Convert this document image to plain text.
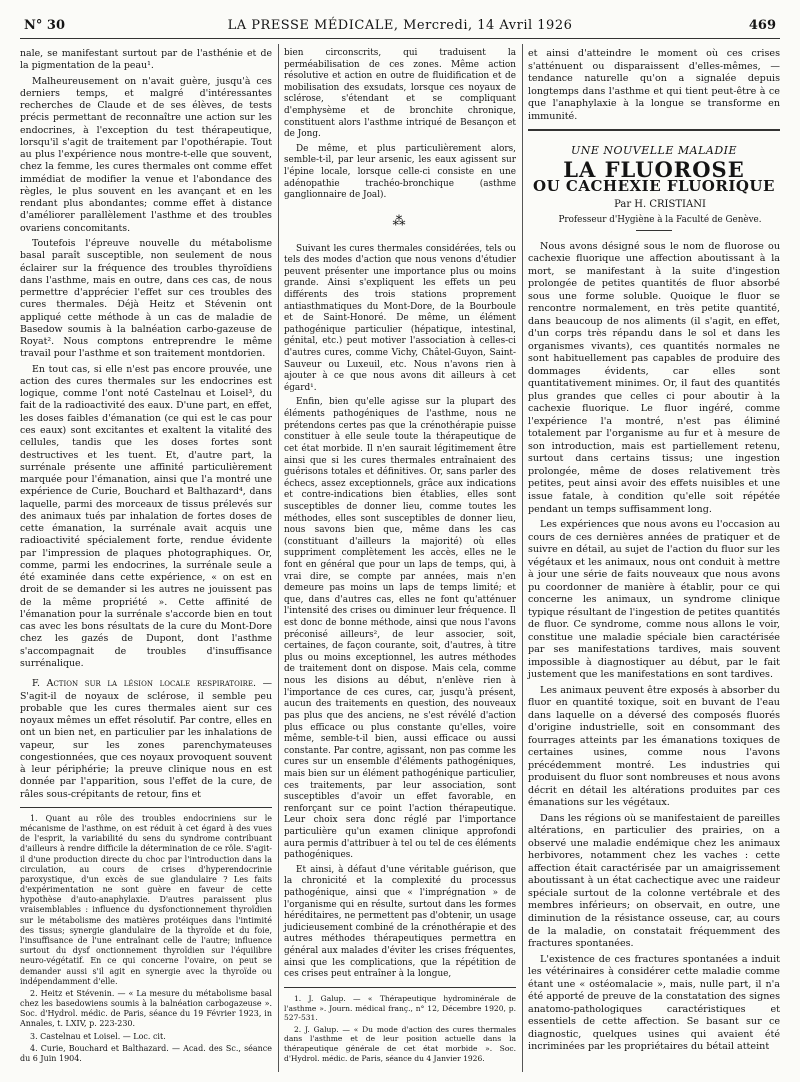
N° 30	LA PRESSE MÉDICALE, Mercredi, 14 Avril 1926	469

nale, se manifestant surtout par de l'asthénie et de la pigmentation de la peau¹.

Malheureusement on n'avait guère, jusqu'à ces derniers temps, et malgré d'intéressantes recherches de Claude et de ses élèves, de tests précis permettant de reconnaître une action sur les endocrines, à l'exception du test thérapeutique, lorsqu'il s'agit de traitement par l'opothérapie. Tout au plus l'expérience nous montre-t-elle que souvent, chez la femme, les cures thermales ont comme effet immédiat de modifier la venue et l'abondance des règles, le plus souvent en les avançant et en les rendant plus abondantes; comme effet à distance d'améliorer parallèlement l'asthme et des troubles ovariens concomitants.

Toutefois l'épreuve nouvelle du métabolisme basal paraît susceptible, non seulement de nous éclairer sur la fréquence des troubles thyroïdiens dans l'asthme, mais en outre, dans ces cas, de nous permettre d'apprécier l'effet sur ces troubles des cures thermales. Déjà Heitz et Stévenin ont appliqué cette méthode à un cas de maladie de Basedow soumis à la balnéation carbo-gazeuse de Royat². Nous comptons entreprendre le même travail pour l'asthme et son traitement montdorien.

En tout cas, si elle n'est pas encore prouvée, une action des cures thermales sur les endocrines est logique, comme l'ont noté Castelnau et Loisel³, du fait de la radioactivité des eaux. D'une part, en effet, les doses faibles d'émanation (ce qui est le cas pour ces eaux) sont excitantes et exaltent la vitalité des cellules, tandis que les doses fortes sont destructives et les tuent. Et, d'autre part, la surrénale présente une affinité particulièrement marquée pour l'émanation, ainsi que l'a montré une expérience de Curie, Bouchard et Balthazard⁴, dans laquelle, parmi des morceaux de tissus prélevés sur des animaux tués par inhalation de fortes doses de cette émanation, la surrénale avait acquis une radioactivité spécialement forte, rendue évidente par l'impression de plaques photographiques. Or, comme, parmi les endocrines, la surrénale seule a été examinée dans cette expérience, « on est en droit de se demander si les autres ne jouissent pas de la même propriété ». Cette affinité de l'émanation pour la surrénale s'accorde bien en tout cas avec les bons résultats de la cure du Mont-Dore chez les gazés de Dupont, dont l'asthme s'accompagnait de troubles d'insuffisance surrénalique.

F. Action sur la lésion locale respiratoire. — S'agit-il de noyaux de sclérose, il semble peu probable que les cures thermales aient sur ces noyaux mêmes un effet résolutif. Par contre, elles en ont un bien net, en particulier par les inhalations de vapeur, sur les zones parenchymateuses congestionnées, que ces noyaux provoquent souvent à leur périphérie; la preuve clinique nous en est donnée par l'apparition, sous l'effet de la cure, de râles sous-crépitants de retour, fins et

1. Quant au rôle des troubles endocriniens sur le mécanisme de l'asthme, on est réduit à cet égard à des vues de l'esprit, la variabilité du sens du syndrome contribuant d'ailleurs à rendre difficile la détermination de ce rôle. S'agit-il d'une production directe du choc par l'introduction dans la circulation, au cours de crises d'hyperendocrinie paroxystique, d'un excès de sue glandulaire ? Les faits d'expérimentation ne sont guère en faveur de cette hypothèse d'auto-anaphylaxie. D'autres paraissent plus vraisemblables : influence du dysfonctionnement thyroïdien sur le métabolisme des matières protéiques dans l'intimité des tissus; synergie glandulaire de la thyroïde et du foie, l'insuffisance de l'une entraînant celle de l'autre; influence surtout du dysf onctionnement thyroïdien sur l'équilibre neuro-végétatif. En ce qui concerne l'ovaire, on peut se demander aussi s'il agit en synergie avec la thyroïde ou indépendamment d'elle.

2. Heitz et Stévenin. — « La mesure du métabolisme basal chez les basedowiens soumis à la balnéation carbogazeuse ». Soc. d'Hydrol. médic. de Paris, séance du 19 Février 1923, in Annales, t. LXIV, p. 223-230.

3. Castelnau et Loisel. — Loc. cit.

4. Curie, Bouchard et Balthazard. — Acad. des Sc., séance du 6 Juin 1904.

bien circonscrits, qui traduisent la perméabilisation de ces zones. Même action résolutive et action en outre de fluidification et de mobilisation des exsudats, lorsque ces noyaux de sclérose, s'étendant et se compliquant d'emphysème et de bronchite chronique, constituent alors l'asthme intriqué de Besançon et de Jong.

De même, et plus particulièrement alors, semble-t-il, par leur arsenic, les eaux agissent sur l'épine locale, lorsque celle-ci consiste en une adénopathie trachéo-bronchique (asthme ganglionnaire de Joal).

⁂

Suivant les cures thermales considérées, tels ou tels des modes d'action que nous venons d'étudier peuvent présenter une importance plus ou moins grande. Ainsi s'expliquent les effets un peu différents des trois stations proprement antiasthmatiques du Mont-Dore, de la Bourboule et de Saint-Honoré. De même, un élément pathogénique particulier (hépatique, intestinal, génital, etc.) peut motiver l'association à celles-ci d'autres cures, comme Vichy, Châtel-Guyon, Saint-Sauveur ou Luxeuil, etc. Nous n'avons rien à ajouter à ce que nous avons dit ailleurs à cet égard¹.

Enfin, bien qu'elle agisse sur la plupart des éléments pathogéniques de l'asthme, nous ne prétendons certes pas que la crénothérapie puisse constituer à elle seule toute la thérapeutique de cet état morbide. Il n'en saurait légitimement être ainsi que si les cures thermales entraînaient des guérisons totales et définitives. Or, sans parler des échecs, assez exceptionnels, grâce aux indications et contre-indications bien établies, elles sont susceptibles de donner lieu, comme toutes les méthodes, elles sont susceptibles de donner lieu, nous savons bien que, même dans les cas (constituant d'ailleurs la majorité) où elles suppriment complètement les accès, elles ne le font en général que pour un laps de temps, qui, à vrai dire, se compte par années, mais n'en demeure pas moins un laps de temps limité; et que, dans d'autres cas, elles ne font qu'atténuer l'intensité des crises ou diminuer leur fréquence. Il est donc de bonne méthode, ainsi que nous l'avons préconisé ailleurs², de leur associer, soit, certaines, de façon courante, soit, d'autres, à titre plus ou moins exceptionnel, les autres méthodes de traitement dont on dispose. Mais cela, comme nous les disions au début, n'enlève rien à l'importance de ces cures, car, jusqu'à présent, aucun des traitements en question, des nouveaux pas plus que des anciens, ne s'est révélé d'action plus efficace ou plus constante qu'elles, voire même, semble-t-il bien, aussi efficace ou aussi constante. Par contre, agissant, non pas comme les cures sur un ensemble d'éléments pathogéniques, mais bien sur un élément pathogénique particulier, ces traitements, par leur association, sont susceptibles d'avoir un effet favorable, en renforçant sur ce point l'action thérapeutique. Leur choix sera donc réglé par l'importance particulière qu'un examen clinique approfondi aura permis d'attribuer à tel ou tel de ces éléments pathogéniques.

Et ainsi, à défaut d'une véritable guérison, que la chronicité et la complexité du processus pathogénique, ainsi que « l'imprégnation » de l'organisme qui en résulte, surtout dans les formes héréditaires, ne permettent pas d'obtenir, un usage judicieusement combiné de la crénothérapie et des autres méthodes thérapeutiques permettra en général aux malades d'éviter les crises fréquentes, ainsi que les complications, que la répétition de ces crises peut entraîner à la longue,

1. J. Galup. — « Thérapeutique hydrominérale de l'asthme ». Journ. médical franç., n° 12, Décembre 1920, p. 527-531.

2. J. Galup. — « Du mode d'action des cures thermales dans l'asthme et de leur position actuelle dans la thérapeutique générale de cet état morbide ». Soc. d'Hydrol. médic. de Paris, séance du 4 Janvier 1926.

et ainsi d'atteindre le moment où ces crises s'atténuent ou disparaissent d'elles-mêmes, — tendance naturelle qu'on a signalée depuis longtemps dans l'asthme et qui tient peut-être à ce que l'anaphylaxie à la longue se transforme en immunité.

UNE NOUVELLE MALADIE
LA FLUOROSE
OU CACHEXIE FLUORIQUE

Par H. CRISTIANI

Professeur d'Hygiène à la Faculté de Genève.

Nous avons désigné sous le nom de fluorose ou cachexie fluorique une affection aboutissant à la mort, se manifestant à la suite d'ingestion prolongée de petites quantités de fluor absorbé sous une forme soluble. Quoique le fluor se rencontre normalement, en très petite quantité, dans beaucoup de nos aliments (il s'agit, en effet, d'un corps très répandu dans le sol et dans les organismes vivants), ces quantités normales ne sont habituellement pas capables de produire des dommages évidents, car elles sont quantitativement minimes. Or, il faut des quantités plus grandes que celles ci pour aboutir à la cachexie fluorique. Le fluor ingéré, comme l'expérience l'a montré, n'est pas éliminé totalement par l'organisme au fur et à mesure de son introduction, mais est partiellement retenu, surtout dans certains tissus; une ingestion prolongée, même de doses relativement très petites, peut ainsi avoir des effets nuisibles et une issue fatale, à condition qu'elle soit répétée pendant un temps suffisamment long.

Les expériences que nous avons eu l'occasion au cours de ces dernières années de pratiquer et de suivre en détail, au sujet de l'action du fluor sur les végétaux et les animaux, nous ont conduit à mettre à jour une série de faits nouveaux que nous avons pu coordonner de manière à établir, pour ce qui concerne les animaux, un syndrome clinique typique résultant de l'ingestion de petites quantités de fluor. Ce syndrome, comme nous allons le voir, constitue une maladie spéciale bien caractérisée par ses manifestations tardives, mais souvent impossible à diagnostiquer au début, par le fait justement que les manifestations en sont tardives.

Les animaux peuvent être exposés à absorber du fluor en quantité toxique, soit en buvant de l'eau dans laquelle on a déversé des composés fluorés d'origine industrielle, soit en consommant des fourrages atteints par les émanations toxiques de certaines usines, comme nous l'avons précédemment montré. Les industries qui produisent du fluor sont nombreuses et nous avons décrit en détail les altérations produites par ces émanations sur les végétaux.

Dans les régions où se manifestaient de pareilles altérations, en particulier des prairies, on a observé une maladie endémique chez les animaux herbivores, notamment chez les vaches : cette affection était caractérisée par un amaigrissement aboutissant à un état cachectique avec une raideur spéciale surtout de la colonne vertébrale et des membres inférieurs; on observait, en outre, une diminution de la résistance osseuse, car, au cours de la maladie, on constatait fréquemment des fractures spontanées.

L'existence de ces fractures spontanées a induit les vétérinaires à considérer cette maladie comme étant une « ostéomalacie », mais, nulle part, il n'a été apporté de preuve de la constatation des signes anatomo-pathologiques caractéristiques et essentiels de cette affection. Se basant sur ce diagnostic, quelques usines qui avaient été incriminées par les propriétaires du bétail atteint
